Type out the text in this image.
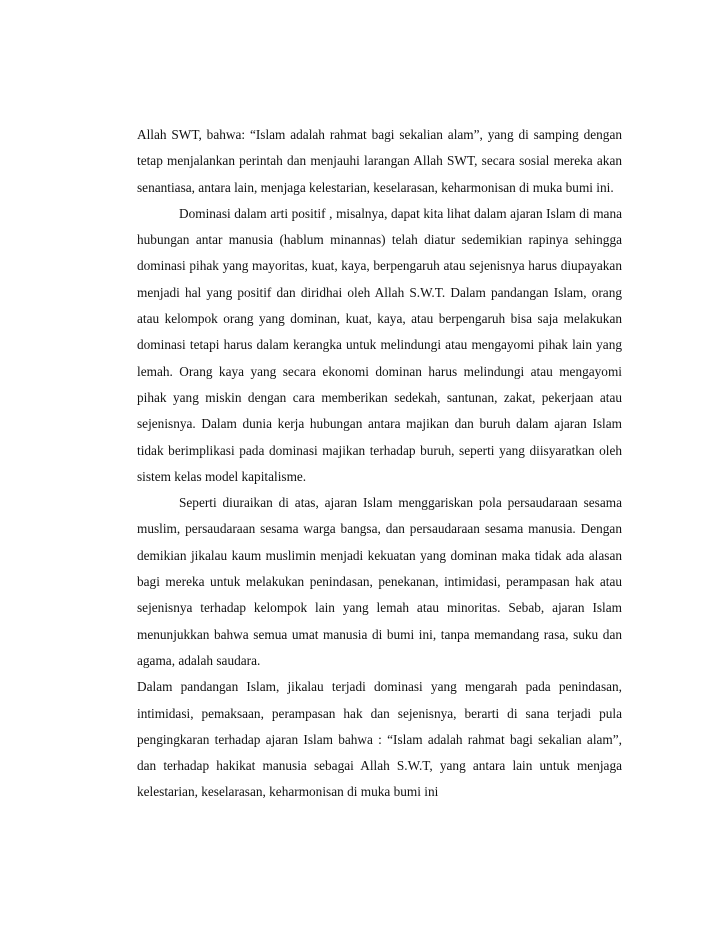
Allah SWT, bahwa: “Islam adalah rahmat bagi sekalian alam”, yang di samping dengan tetap menjalankan perintah dan menjauhi larangan Allah SWT, secara sosial mereka akan senantiasa, antara lain, menjaga kelestarian, keselarasan, keharmonisan di muka bumi ini.

Dominasi dalam arti positif , misalnya, dapat kita lihat dalam ajaran Islam di mana hubungan antar manusia (hablum minannas) telah diatur sedemikian rapinya sehingga dominasi pihak yang mayoritas, kuat, kaya, berpengaruh atau sejenisnya harus diupayakan menjadi hal yang positif dan diridhai oleh Allah S.W.T. Dalam pandangan Islam, orang atau kelompok orang yang dominan, kuat, kaya, atau berpengaruh bisa saja melakukan dominasi tetapi harus dalam kerangka untuk melindungi atau mengayomi pihak lain yang lemah. Orang kaya yang secara ekonomi dominan harus melindungi atau mengayomi pihak yang miskin dengan cara memberikan sedekah, santunan, zakat, pekerjaan atau sejenisnya. Dalam dunia kerja hubungan antara majikan dan buruh dalam ajaran Islam tidak berimplikasi pada dominasi majikan terhadap buruh, seperti yang diisyaratkan oleh sistem kelas model kapitalisme.

Seperti diuraikan di atas, ajaran Islam menggariskan pola persaudaraan sesama muslim, persaudaraan sesama warga bangsa, dan persaudaraan sesama manusia. Dengan demikian jikalau kaum muslimin menjadi kekuatan yang dominan maka tidak ada alasan bagi mereka untuk melakukan penindasan, penekanan, intimidasi, perampasan hak atau sejenisnya terhadap kelompok lain yang lemah atau minoritas. Sebab, ajaran Islam menunjukkan bahwa semua umat manusia di bumi ini, tanpa memandang rasa, suku dan agama, adalah saudara.

Dalam pandangan Islam, jikalau terjadi dominasi yang mengarah pada penindasan, intimidasi, pemaksaan, perampasan hak dan sejenisnya, berarti di sana terjadi pula pengingkaran terhadap ajaran Islam bahwa : “Islam adalah rahmat bagi sekalian alam”, dan terhadap hakikat manusia sebagai Allah S.W.T, yang antara lain untuk menjaga kelestarian, keselarasan, keharmonisan di muka bumi ini
